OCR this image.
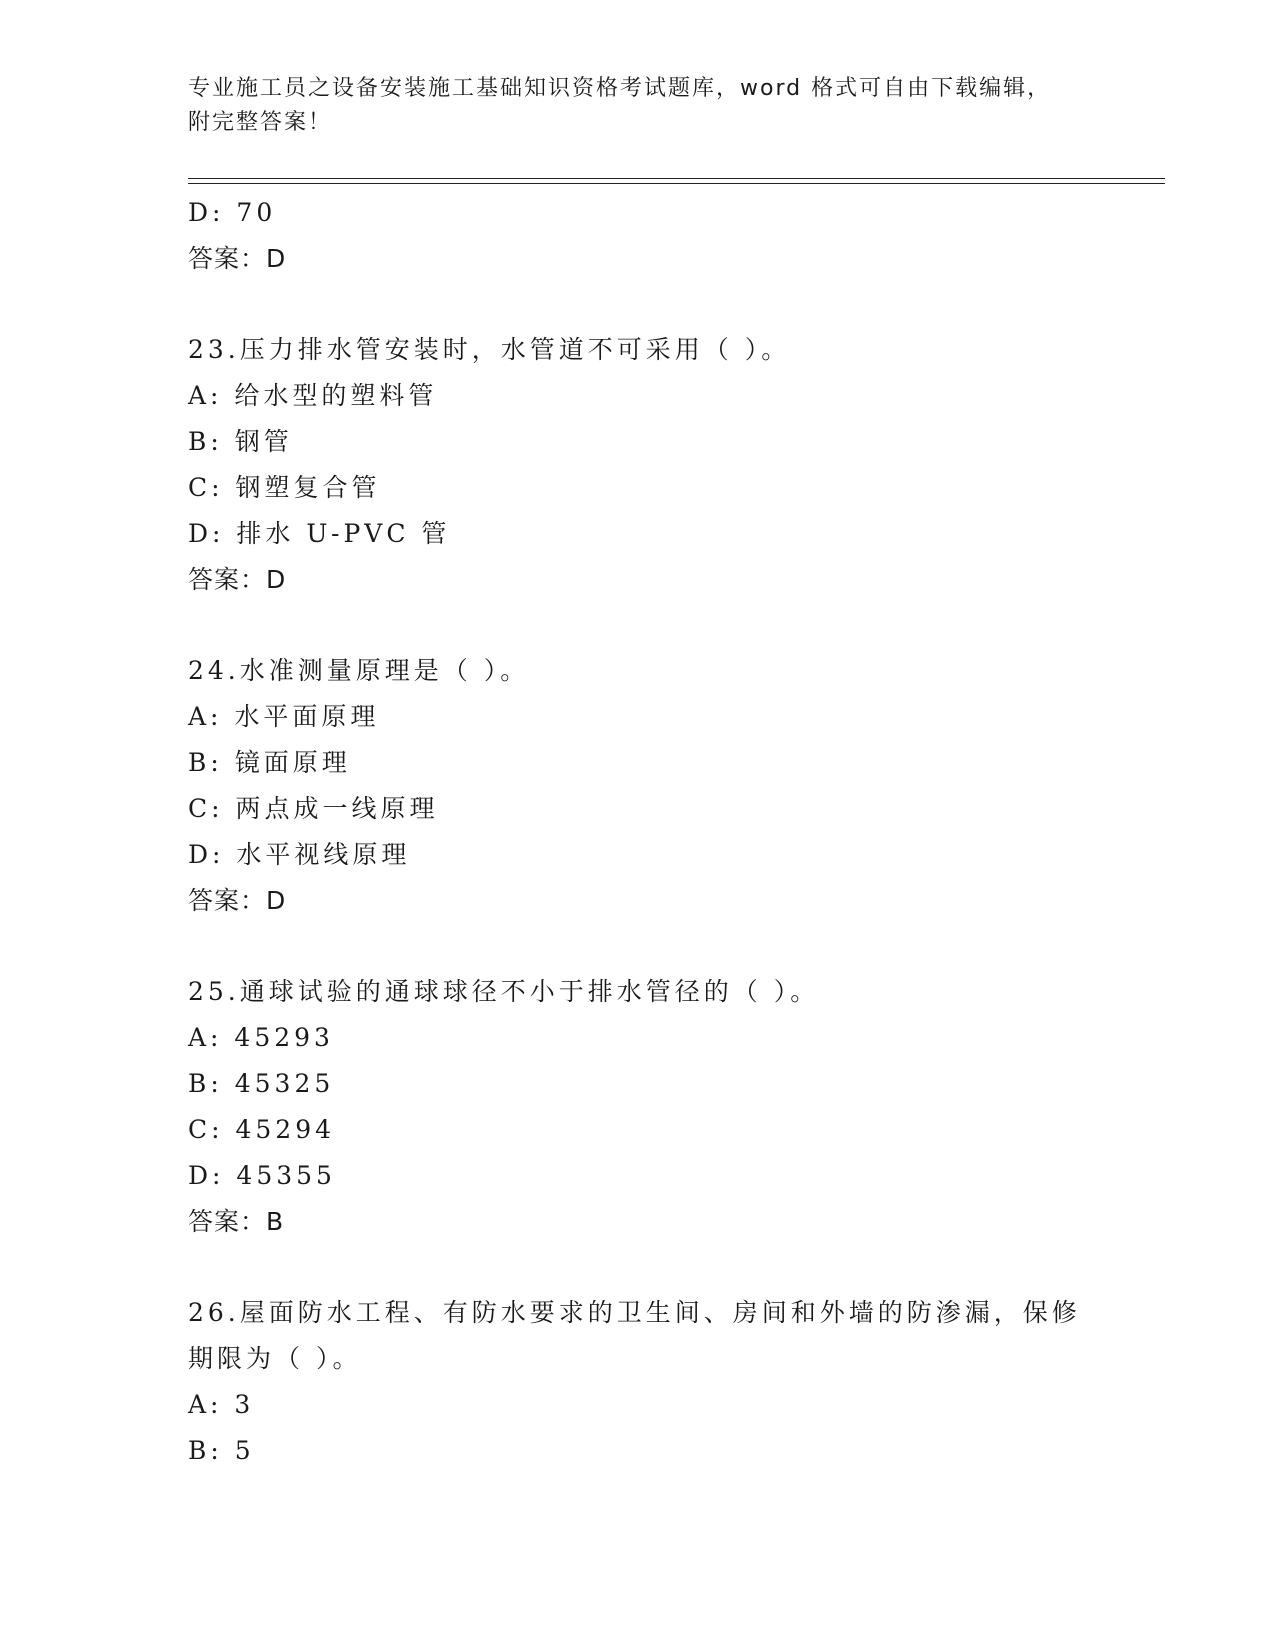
专业施工员之设备安装施工基础知识资格考试题库，word 格式可自由下载编辑，
附完整答案！
D: 70
答案：D
23.压力排水管安装时，水管道不可采用（ ）。
A: 给水型的塑料管
B: 钢管
C: 钢塑复合管
D: 排水 U-PVC 管
答案：D
24.水准测量原理是（ ）。
A: 水平面原理
B: 镜面原理
C: 两点成一线原理
D: 水平视线原理
答案：D
25.通球试验的通球球径不小于排水管径的（ ）。
A: 45293
B: 45325
C: 45294
D: 45355
答案：B
26.屋面防水工程、有防水要求的卫生间、房间和外墙的防渗漏，保修
期限为（ ）。
A: 3
B: 5
